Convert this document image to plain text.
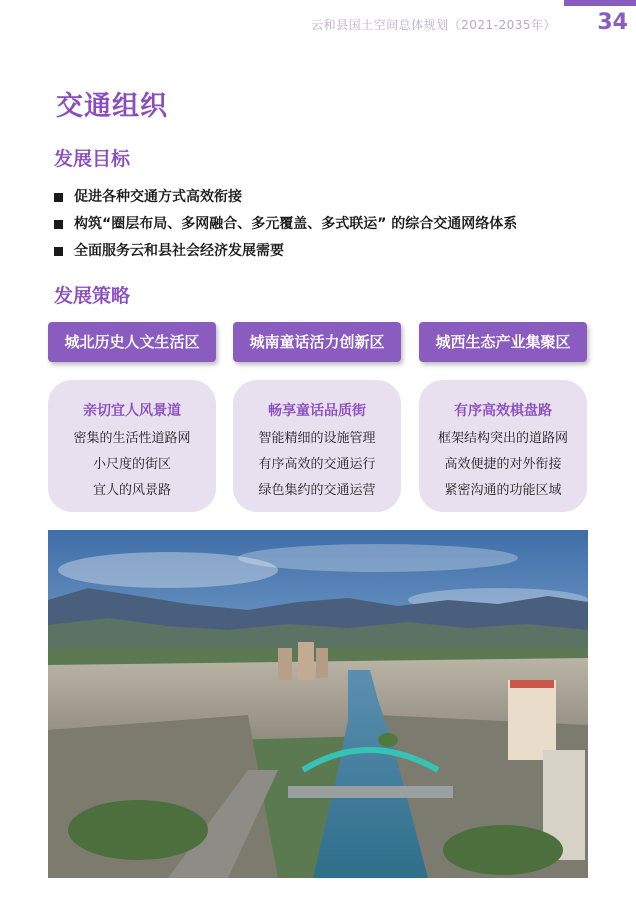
云和县国土空间总体规划（2021-2035年） 34
交通组织
发展目标
促进各种交通方式高效衔接
构筑“圈层布局、多网融合、多元覆盖、多式联运” 的综合交通网络体系
全面服务云和县社会经济发展需要
发展策略
城北历史人文生活区	城南童话活力创新区	城西生态产业集聚区
亲切宜人风景道
密集的生活性道路网
小尺度的街区
宜人的风景路
畅享童话品质街
智能精细的设施管理
有序高效的交通运行
绿色集约的交通运营
有序高效棋盘路
框架结构突出的道路网
高效便捷的对外衔接
紧密沟通的功能区域
